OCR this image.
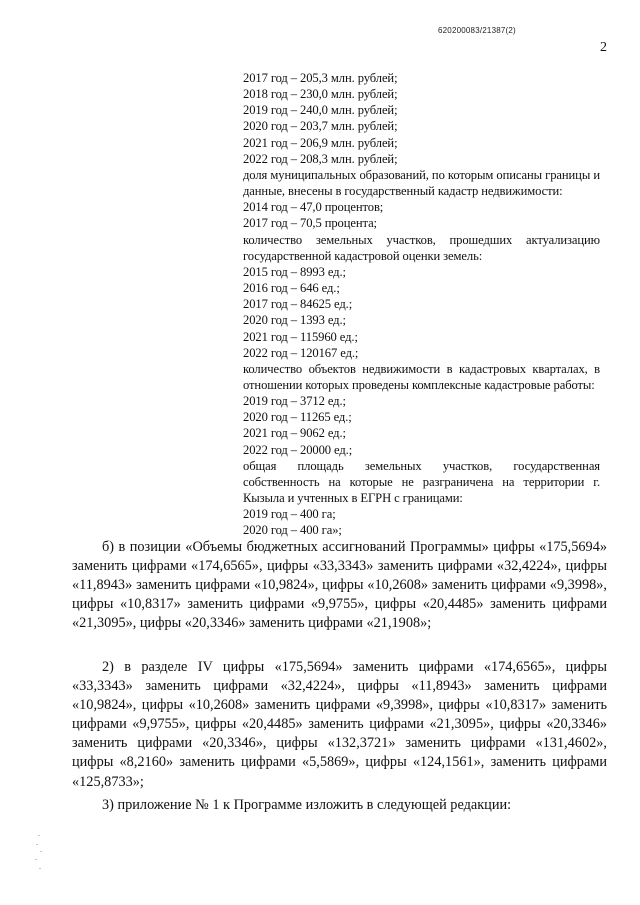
620200083/21387(2)
2
2017 год – 205,3 млн. рублей;
2018 год – 230,0 млн. рублей;
2019 год – 240,0 млн. рублей;
2020 год – 203,7 млн. рублей;
2021 год – 206,9 млн. рублей;
2022 год – 208,3 млн. рублей;
доля муниципальных образований, по которым описаны границы и данные, внесены в государственный кадастр недвижимости:
2014 год – 47,0 процентов;
2017 год – 70,5 процента;
количество земельных участков, прошедших актуализацию государственной кадастровой оценки земель:
2015 год – 8993 ед.;
2016 год – 646 ед.;
2017 год – 84625 ед.;
2020 год – 1393 ед.;
2021 год – 115960 ед.;
2022 год – 120167 ед.;
количество объектов недвижимости в кадастровых кварталах, в отношении которых проведены комплексные кадастровые работы:
2019 год – 3712 ед.;
2020 год – 11265 ед.;
2021 год – 9062 ед.;
2022 год – 20000 ед.;
общая площадь земельных участков, государственная собственность на которые не разграничена на территории г. Кызыла и учтенных в ЕГРН с границами:
2019 год – 400 га;
2020 год – 400 га»;
б) в позиции «Объемы бюджетных ассигнований Программы» цифры «175,5694» заменить цифрами «174,6565», цифры «33,3343» заменить цифрами «32,4224», цифры «11,8943» заменить цифрами «10,9824», цифры «10,2608» заменить цифрами «9,3998», цифры «10,8317» заменить цифрами «9,9755», цифры «20,4485» заменить цифрами «21,3095», цифры «20,3346» заменить цифрами «21,1908»;
2) в разделе IV цифры «175,5694» заменить цифрами «174,6565», цифры «33,3343» заменить цифрами «32,4224», цифры «11,8943» заменить цифрами «10,9824», цифры «10,2608» заменить цифрами «9,3998», цифры «10,8317» заменить цифрами «9,9755», цифры «20,4485» заменить цифрами «21,3095», цифры «20,3346» заменить цифрами «20,3346», цифры «132,3721» заменить цифрами «131,4602», цифры «8,2160» заменить цифрами «5,5869», цифры «124,1561», заменить цифрами «125,8733»;
3) приложение № 1 к Программе изложить в следующей редакции:
